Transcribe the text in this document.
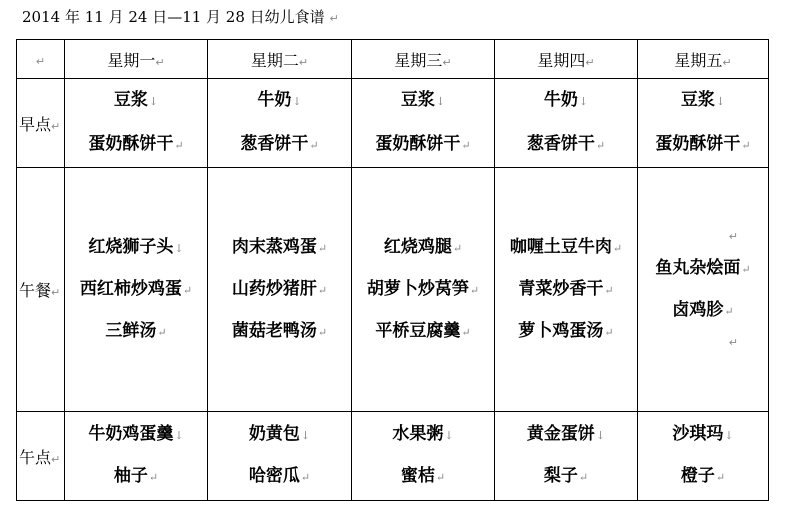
2014 年 11 月 24 日—11 月 28 日幼儿食谱 ↵
↵	星期一↵	星期二↵	星期三↵	星期四↵	星期五↵
早点↵	豆浆↓
蛋奶酥饼干↵	牛奶↓
葱香饼干↵	豆浆↓
蛋奶酥饼干↵	牛奶↓
葱香饼干↵	豆浆↓
蛋奶酥饼干↵

午餐↵	红烧狮子头↓
西红柿炒鸡蛋↵
三鲜汤↵	肉末蒸鸡蛋↵
山药炒猪肝↵
菌菇老鸭汤↵	红烧鸡腿↵
胡萝卜炒莴笋↵
平桥豆腐羹↵	咖喱土豆牛肉↵
青菜炒香干↵
萝卜鸡蛋汤↵	↵
鱼丸杂烩面↵
卤鸡胗↵
↵

午点↵	牛奶鸡蛋羹↓
柚子↵	奶黄包↓
哈密瓜↵	水果粥↓
蜜桔↵	黄金蛋饼↓
梨子↵	沙琪玛↓
橙子↵
